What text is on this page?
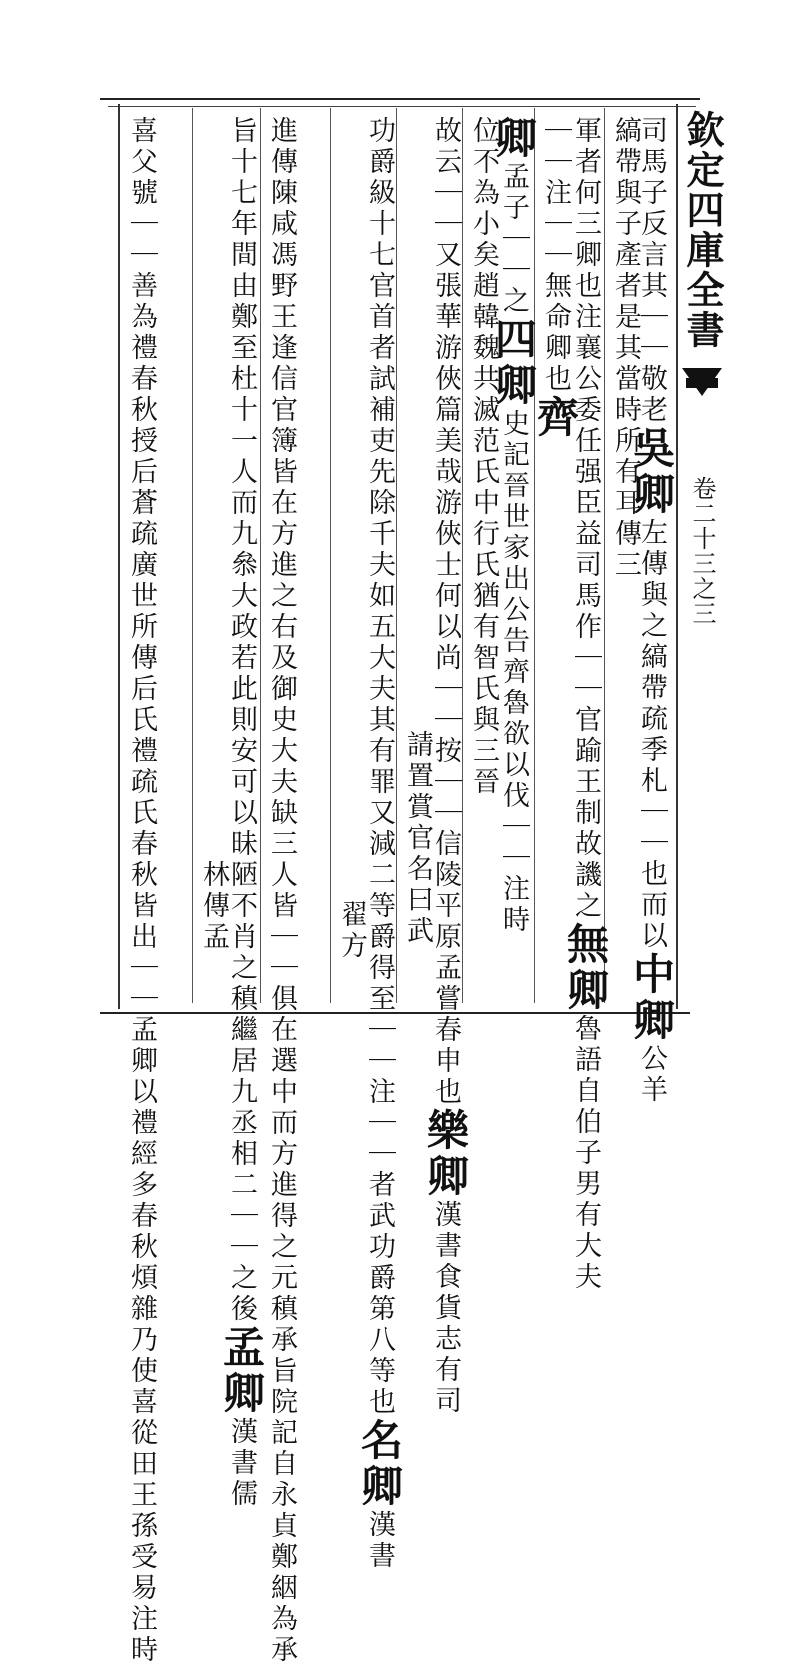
欽定四庫全書
卷二十三之三
司馬子反言其｜｜敬老吳卿左傳與之縞帶疏季札｜｜也而以中卿公羊
縞帶與子產者是其當時所有耳傳三
軍者何三卿也注襄公委任强臣益司馬作｜｜官踰王制故譏之無卿魯語自伯子男有大夫
｜｜注｜｜無命卿也齊
卿孟子｜｜之四卿史記晉世家出公告齊魯欲以伐｜｜注時
位不為小矣趙韓魏共滅范氏中行氏猶有智氏與三晉
故云｜｜又張華游俠篇美哉游俠士何以尚｜｜按｜｜信陵平原孟嘗春申也樂卿漢書食貨志有司
請置賞官名曰武
功爵級十七官首者試補吏先除千夫如五大夫其有罪又減二等爵得至｜｜注｜｜者武功爵第八等也名卿漢書
翟方
進傳陳咸馮野王逢信官簿皆在方進之右及御史大夫缺三人皆｜｜俱在選中而方進得之元稹承旨院記自永貞鄭絪為承
旨十七年間由鄭至杜十一人而九叅大政若此則安可以昧陋不肖之稹繼居九丞相二｜｜之後孟卿漢書儒
林傳孟
喜父號｜｜善為禮春秋授后蒼疏廣世所傳后氏禮疏氏春秋皆出｜｜孟卿以禮經多春秋煩雜乃使喜從田王孫受易注時
